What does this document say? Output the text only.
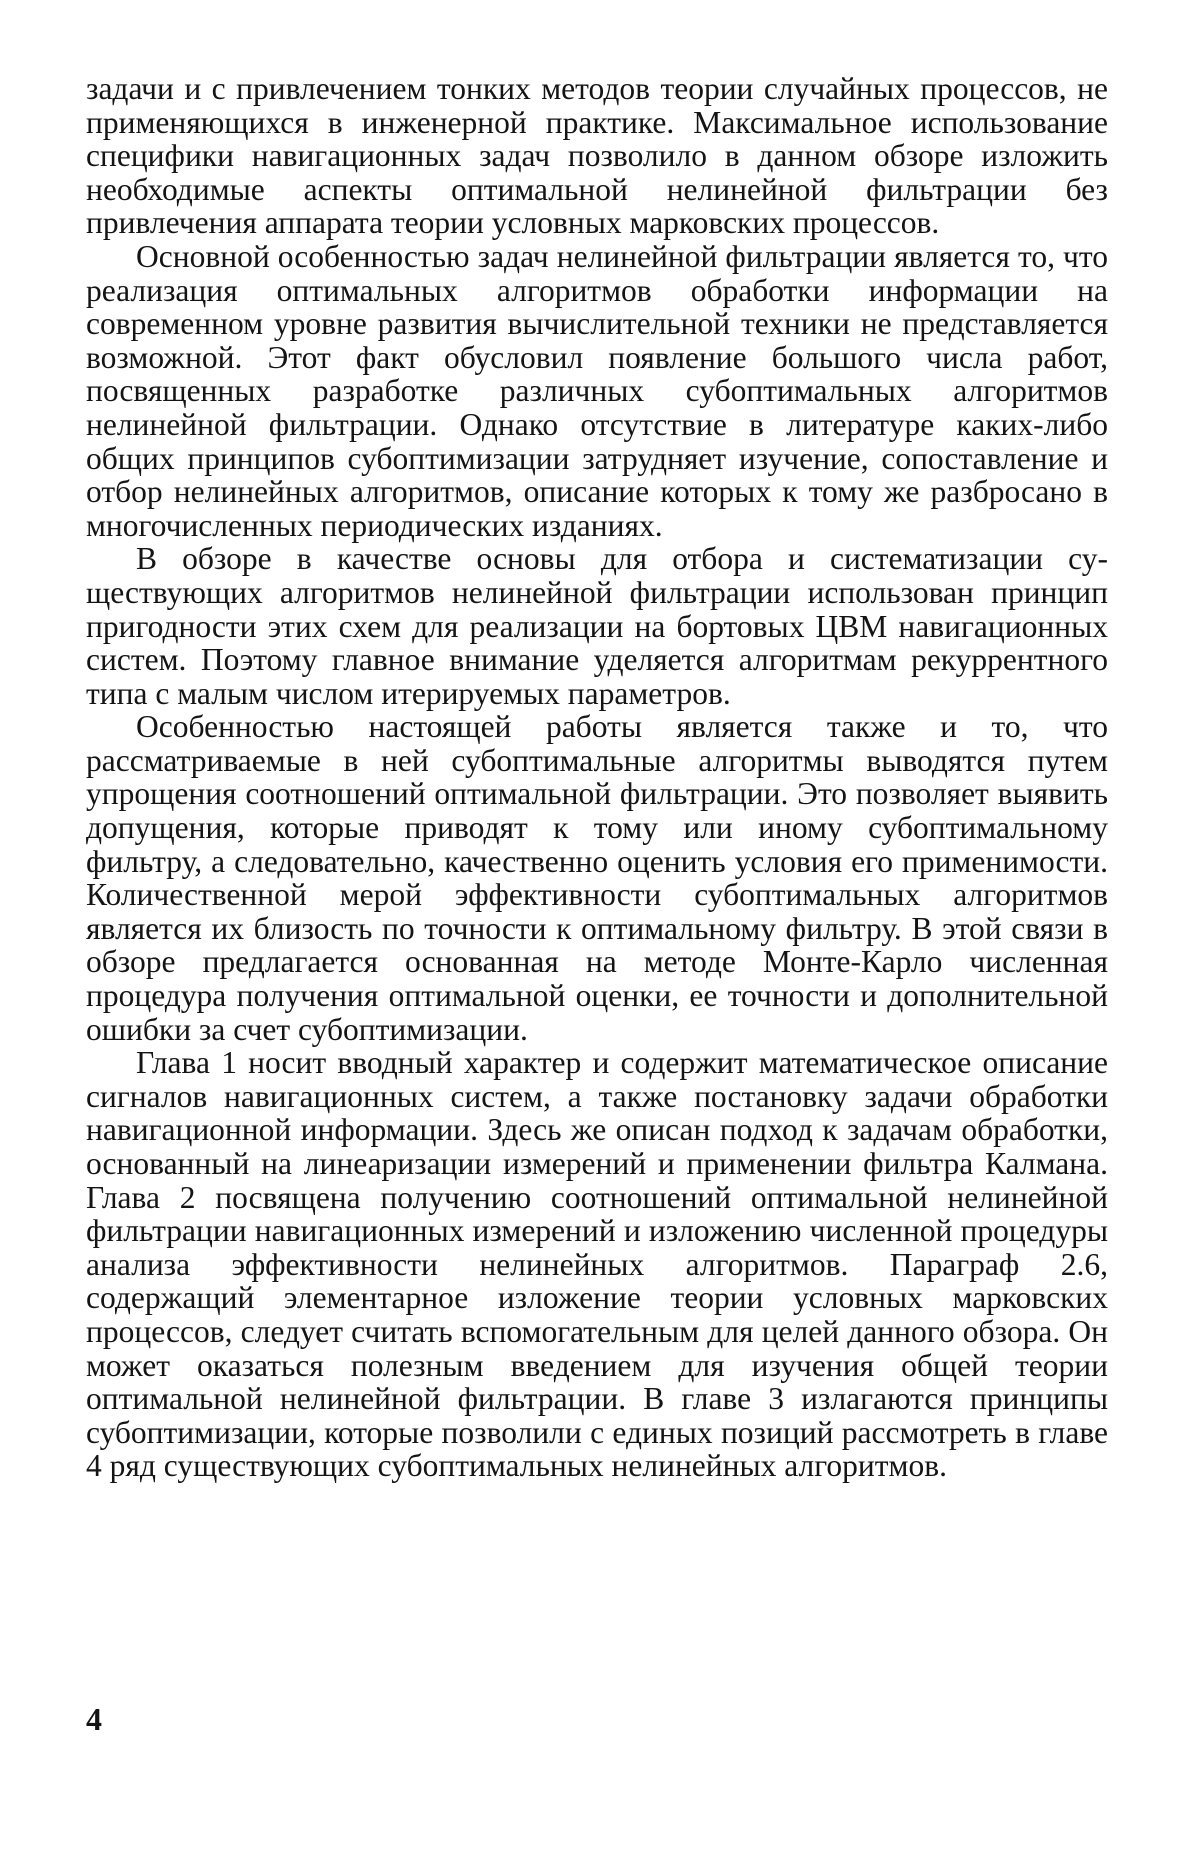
задачи и с привлечением тонких методов теории случайных процессов, не применяющихся в инженерной практике. Максимальное использование специфики навигационных задач позволило в данном обзоре изложить необходимые аспекты оптимальной нелинейной фильтрации без привлечения аппарата теории условных марковских процессов.

Основной особенностью задач нелинейной фильтрации является то, что реализация оптимальных алгоритмов обработки информации на современном уровне развития вычислительной техники не представляется возможной. Этот факт обусловил появление большого числа работ, посвященных разработке различных субоптимальных алгоритмов нелинейной фильтрации. Однако отсутствие в литературе каких-либо общих принципов субоптимизации затрудняет изучение, сопоставление и отбор нелинейных алгоритмов, описание которых к тому же разбросано в многочисленных периодических изданиях.

В обзоре в качестве основы для отбора и систематизации существующих алгоритмов нелинейной фильтрации использован принцип пригодности этих схем для реализации на бортовых ЦВМ навигационных систем. Поэтому главное внимание уделяется алгоритмам рекуррентного типа с малым числом итерируемых параметров.

Особенностью настоящей работы является также и то, что рассматриваемые в ней субоптимальные алгоритмы выводятся путем упрощения соотношений оптимальной фильтрации. Это позволяет выявить допущения, которые приводят к тому или иному субоптимальному фильтру, а следовательно, качественно оценить условия его применимости. Количественной мерой эффективности субоптимальных алгоритмов является их близость по точности к оптимальному фильтру. В этой связи в обзоре предлагается основанная на методе Монте-Карло численная процедура получения оптимальной оценки, ее точности и дополнительной ошибки за счет субоптимизации.

Глава 1 носит вводный характер и содержит математическое описание сигналов навигационных систем, а также постановку задачи обработки навигационной информации. Здесь же описан подход к задачам обработки, основанный на линеаризации измерений и применении фильтра Калмана. Глава 2 посвящена получению соотношений оптимальной нелинейной фильтрации навигационных измерений и изложению численной процедуры анализа эффективности нелинейных алгоритмов. Параграф 2.6, содержащий элементарное изложение теории условных марковских процессов, следует считать вспомогательным для целей данного обзора. Он может оказаться полезным введением для изучения общей теории оптимальной нелинейной фильтрации. В главе 3 излагаются принципы субоптимизации, которые позволили с единых позиций рассмотреть в главе 4 ряд существующих субоптимальных нелинейных алгоритмов.

4
